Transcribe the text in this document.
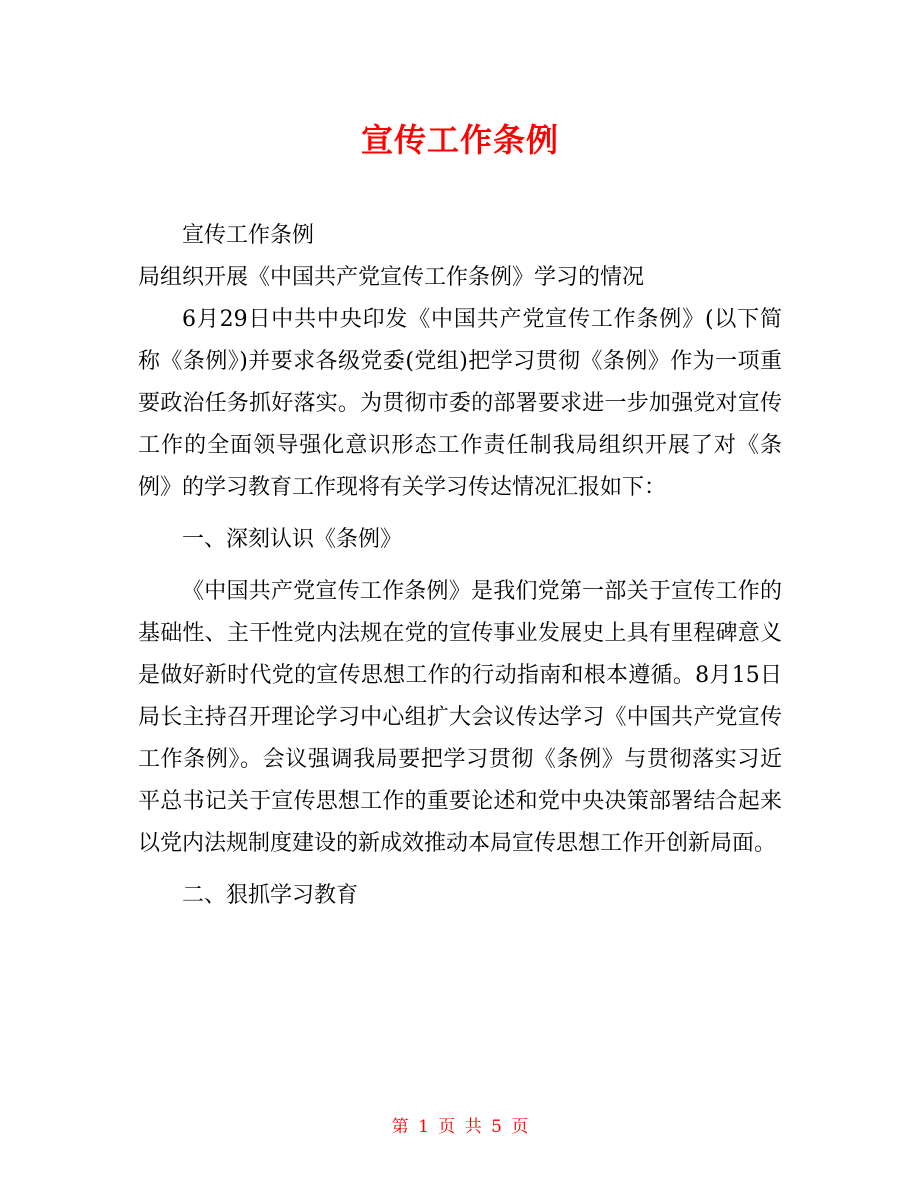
宣传工作条例

宣传工作条例

局组织开展《中国共产党宣传工作条例》学习的情况

6月29日中共中央印发《中国共产党宣传工作条例》(以下简称《条例》)并要求各级党委(党组)把学习贯彻《条例》作为一项重要政治任务抓好落实。为贯彻市委的部署要求进一步加强党对宣传工作的全面领导强化意识形态工作责任制我局组织开展了对《条例》的学习教育工作现将有关学习传达情况汇报如下：

一、深刻认识《条例》

《中国共产党宣传工作条例》是我们党第一部关于宣传工作的基础性、主干性党内法规在党的宣传事业发展史上具有里程碑意义是做好新时代党的宣传思想工作的行动指南和根本遵循。8月15日局长主持召开理论学习中心组扩大会议传达学习《中国共产党宣传工作条例》。会议强调我局要把学习贯彻《条例》与贯彻落实习近平总书记关于宣传思想工作的重要论述和党中央决策部署结合起来以党内法规制度建设的新成效推动本局宣传思想工作开创新局面。

二、狠抓学习教育

第 1 页 共 5 页
